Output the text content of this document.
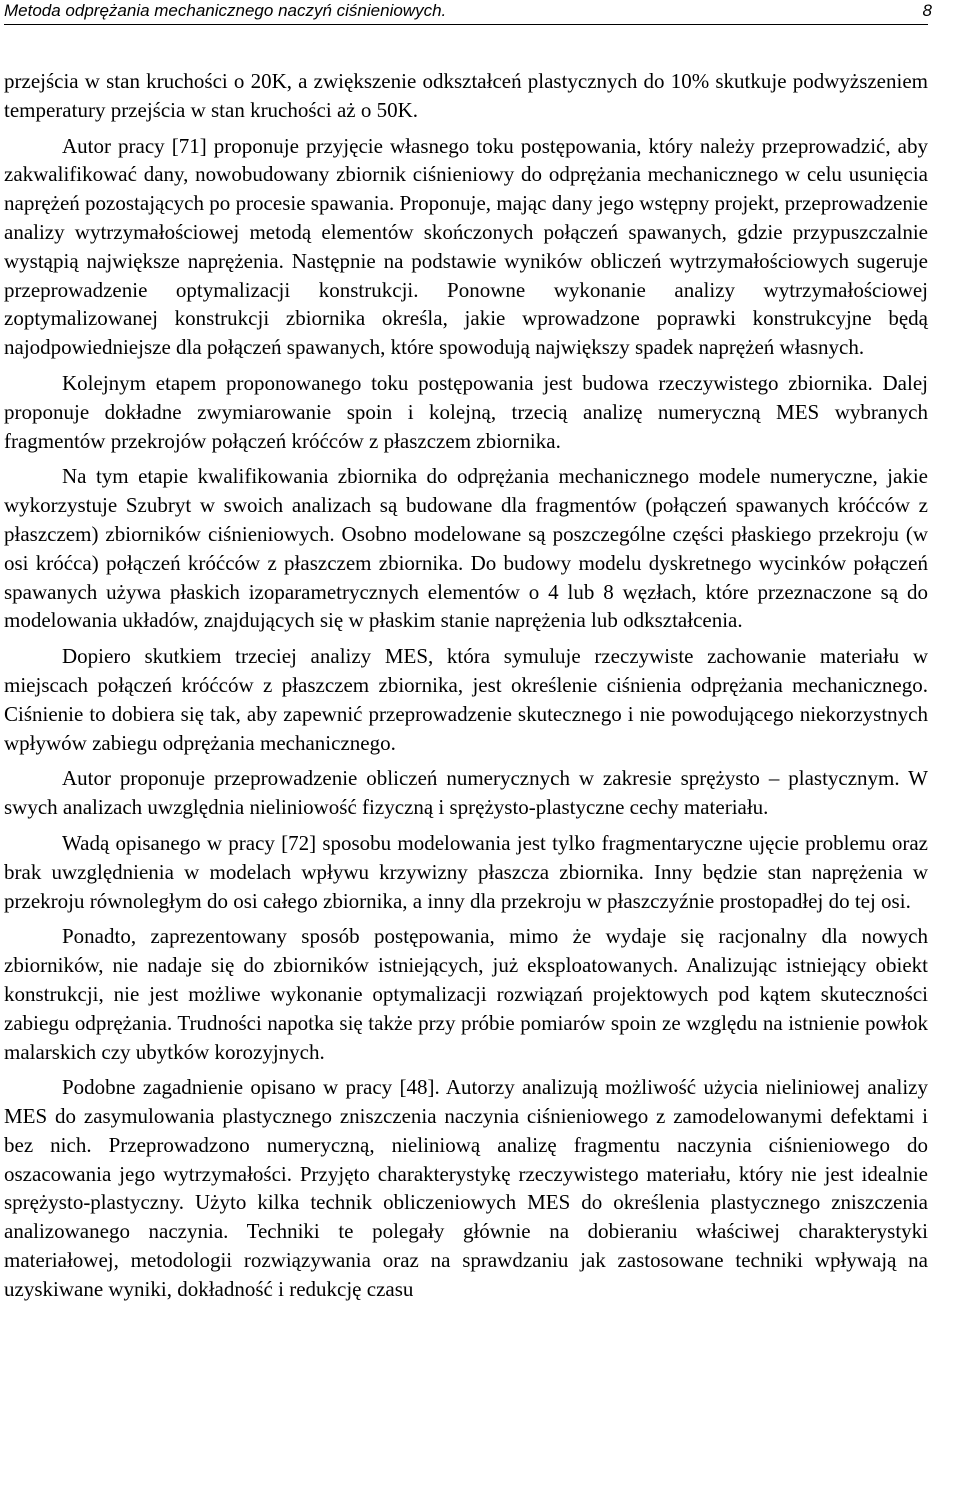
Metoda odprężania mechanicznego naczyń ciśnieniowych.	8

przejścia w stan kruchości o 20K, a zwiększenie odkształceń plastycznych do 10% skutkuje podwyższeniem temperatury przejścia w stan kruchości aż o 50K.

Autor pracy [71] proponuje przyjęcie własnego toku postępowania, który należy przeprowadzić, aby zakwalifikować dany, nowobudowany zbiornik ciśnieniowy do odprężania mechanicznego w celu usunięcia naprężeń pozostających po procesie spawania. Proponuje, mając dany jego wstępny projekt, przeprowadzenie analizy wytrzymałościowej metodą elementów skończonych połączeń spawanych, gdzie przypuszczalnie wystąpią największe naprężenia. Następnie na podstawie wyników obliczeń wytrzymałościowych sugeruje przeprowadzenie optymalizacji konstrukcji. Ponowne wykonanie analizy wytrzymałościowej zoptymalizowanej konstrukcji zbiornika określa, jakie wprowadzone poprawki konstrukcyjne będą najodpowiedniejsze dla połączeń spawanych, które spowodują największy spadek naprężeń własnych.

Kolejnym etapem proponowanego toku postępowania jest budowa rzeczywistego zbiornika. Dalej proponuje dokładne zwymiarowanie spoin i kolejną, trzecią analizę numeryczną MES wybranych fragmentów przekrojów połączeń króćców z płaszczem zbiornika.

Na tym etapie kwalifikowania zbiornika do odprężania mechanicznego modele numeryczne, jakie wykorzystuje Szubryt w swoich analizach są budowane dla fragmentów (połączeń spawanych króćców z płaszczem) zbiorników ciśnieniowych. Osobno modelowane są poszczególne części płaskiego przekroju (w osi króćca) połączeń króćców z płaszczem zbiornika. Do budowy modelu dyskretnego wycinków połączeń spawanych używa płaskich izoparametrycznych elementów o 4 lub 8 węzłach, które przeznaczone są do modelowania układów, znajdujących się w płaskim stanie naprężenia lub odkształcenia.

Dopiero skutkiem trzeciej analizy MES, która symuluje rzeczywiste zachowanie materiału w miejscach połączeń króćców z płaszczem zbiornika, jest określenie ciśnienia odprężania mechanicznego. Ciśnienie to dobiera się tak, aby zapewnić przeprowadzenie skutecznego i nie powodującego niekorzystnych wpływów zabiegu odprężania mechanicznego.

Autor proponuje przeprowadzenie obliczeń numerycznych w zakresie sprężysto – plastycznym. W swych analizach uwzględnia nieliniowość fizyczną i sprężysto-plastyczne cechy materiału.

Wadą opisanego w pracy [72] sposobu modelowania jest tylko fragmentaryczne ujęcie problemu oraz brak uwzględnienia w modelach wpływu krzywizny płaszcza zbiornika. Inny będzie stan naprężenia w przekroju równoległym do osi całego zbiornika, a inny dla przekroju w płaszczyźnie prostopadłej do tej osi.

Ponadto, zaprezentowany sposób postępowania, mimo że wydaje się racjonalny dla nowych zbiorników, nie nadaje się do zbiorników istniejących, już eksploatowanych. Analizując istniejący obiekt konstrukcji, nie jest możliwe wykonanie optymalizacji rozwiązań projektowych pod kątem skuteczności zabiegu odprężania. Trudności napotka się także przy próbie pomiarów spoin ze względu na istnienie powłok malarskich czy ubytków korozyjnych.

Podobne zagadnienie opisano w pracy [48]. Autorzy analizują możliwość użycia nieliniowej analizy MES do zasymulowania plastycznego zniszczenia naczynia ciśnieniowego z zamodelowanymi defektami i bez nich. Przeprowadzono numeryczną, nieliniową analizę fragmentu naczynia ciśnieniowego do oszacowania jego wytrzymałości. Przyjęto charakterystykę rzeczywistego materiału, który nie jest idealnie sprężysto-plastyczny. Użyto kilka technik obliczeniowych MES do określenia plastycznego zniszczenia analizowanego naczynia. Techniki te polegały głównie na dobieraniu właściwej charakterystyki materiałowej, metodologii rozwiązywania oraz na sprawdzaniu jak zastosowane techniki wpływają na uzyskiwane wyniki, dokładność i redukcję czasu
